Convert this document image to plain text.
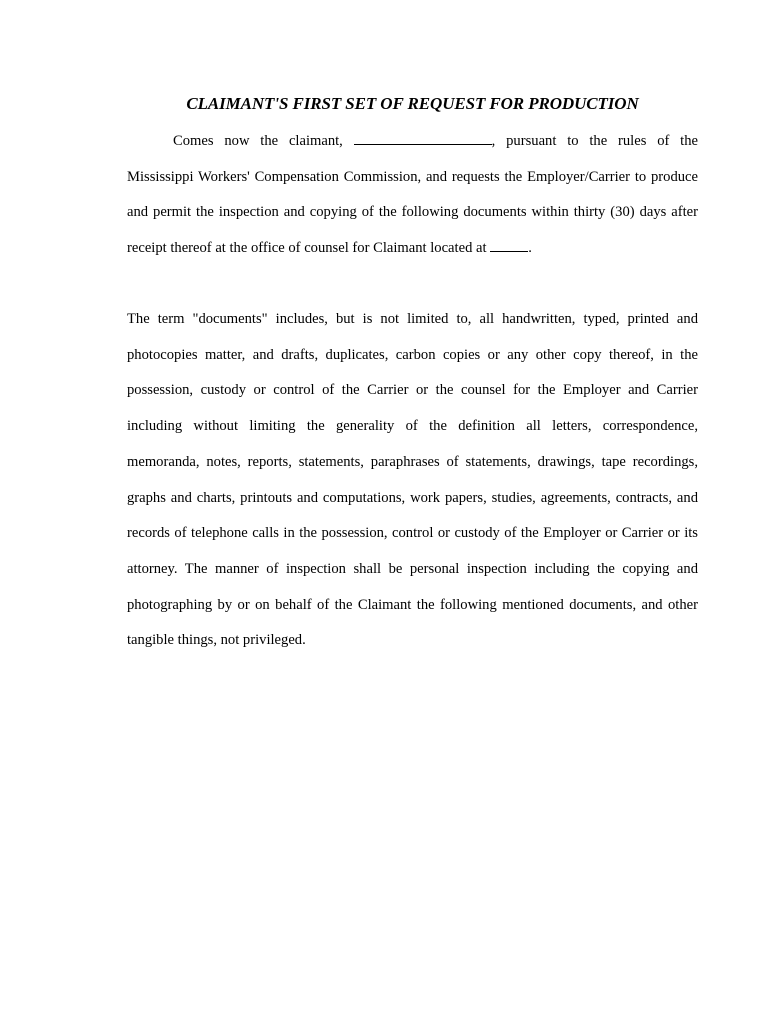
CLAIMANT'S FIRST SET OF REQUEST FOR PRODUCTION
Comes now the claimant,	, pursuant to the rules of the
Mississippi Workers' Compensation Commission, and requests the Employer/Carrier to produce
and permit the inspection and copying of the following documents within thirty (30) days after
receipt thereof at the office of counsel for Claimant located at	.
The term "documents" includes, but is not limited to, all handwritten, typed, printed and
photocopies matter, and drafts, duplicates, carbon copies or any other copy thereof, in the
possession, custody or control of the Carrier or the counsel for the Employer and Carrier
including without limiting the generality of the definition all letters, correspondence,
memoranda, notes, reports, statements, paraphrases of statements, drawings, tape recordings,
graphs and charts, printouts and computations, work papers, studies, agreements, contracts, and
records of telephone calls in the possession, control or custody of the Employer or Carrier or its
attorney. The manner of inspection shall be personal inspection including the copying and
photographing by or on behalf of the Claimant the following mentioned documents, and other
tangible things, not privileged.
